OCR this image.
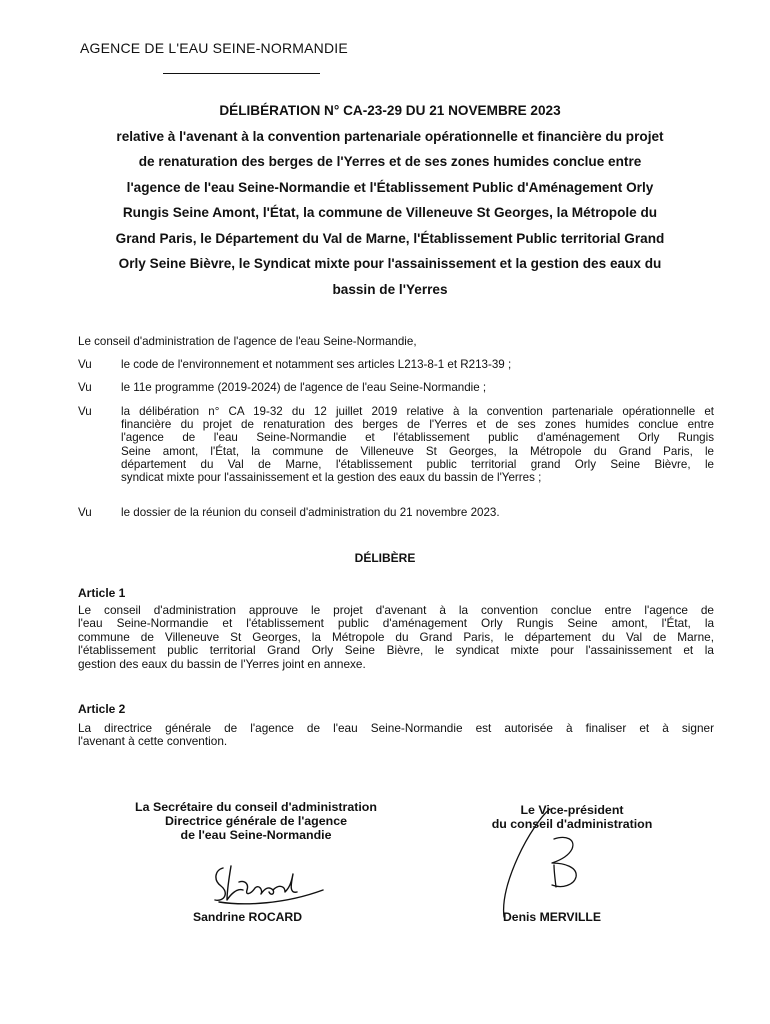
AGENCE DE L'EAU SEINE-NORMANDIE
DÉLIBÉRATION N° CA-23-29 DU 21 NOVEMBRE 2023
relative à l'avenant à la convention partenariale opérationnelle et financière du projet
de renaturation des berges de l'Yerres et de ses zones humides conclue entre
l'agence de l'eau Seine-Normandie et l'Établissement Public d'Aménagement Orly
Rungis Seine Amont, l'État, la commune de Villeneuve St Georges, la Métropole du
Grand Paris, le Département du Val de Marne, l'Établissement Public territorial Grand
Orly Seine Bièvre, le Syndicat mixte pour l'assainissement et la gestion des eaux du
bassin de l'Yerres
Le conseil d'administration de l'agence de l'eau Seine-Normandie,
Vu	le code de l'environnement et notamment ses articles L213-8-1 et R213-39 ;
Vu	le 11e programme (2019-2024) de l'agence de l'eau Seine-Normandie ;
Vu	la délibération n° CA 19-32 du 12 juillet 2019 relative à la convention partenariale opérationnelle et
financière du projet de renaturation des berges de l'Yerres et de ses zones humides conclue entre
l'agence de l'eau Seine-Normandie et l'établissement public d'aménagement Orly Rungis
Seine amont, l'État, la commune de Villeneuve St Georges, la Métropole du Grand Paris, le
département du Val de Marne, l'établissement public territorial grand Orly Seine Bièvre, le
syndicat mixte pour l'assainissement et la gestion des eaux du bassin de l'Yerres ;
Vu	le dossier de la réunion du conseil d'administration du 21 novembre 2023.
DÉLIBÈRE
Article 1
Le conseil d'administration approuve le projet d'avenant à la convention conclue entre l'agence de
l'eau Seine-Normandie et l'établissement public d'aménagement Orly Rungis Seine amont, l'État, la
commune de Villeneuve St Georges, la Métropole du Grand Paris, le département du Val de Marne,
l'établissement public territorial Grand Orly Seine Bièvre, le syndicat mixte pour l'assainissement et la
gestion des eaux du bassin de l'Yerres joint en annexe.
Article 2
La directrice générale de l'agence de l'eau Seine-Normandie est autorisée à finaliser et à signer
l'avenant à cette convention.
La Secrétaire du conseil d'administration
Directrice générale de l'agence
de l'eau Seine-Normandie
Sandrine ROCARD
Le Vice-président
du conseil d'administration
Denis MERVILLE
